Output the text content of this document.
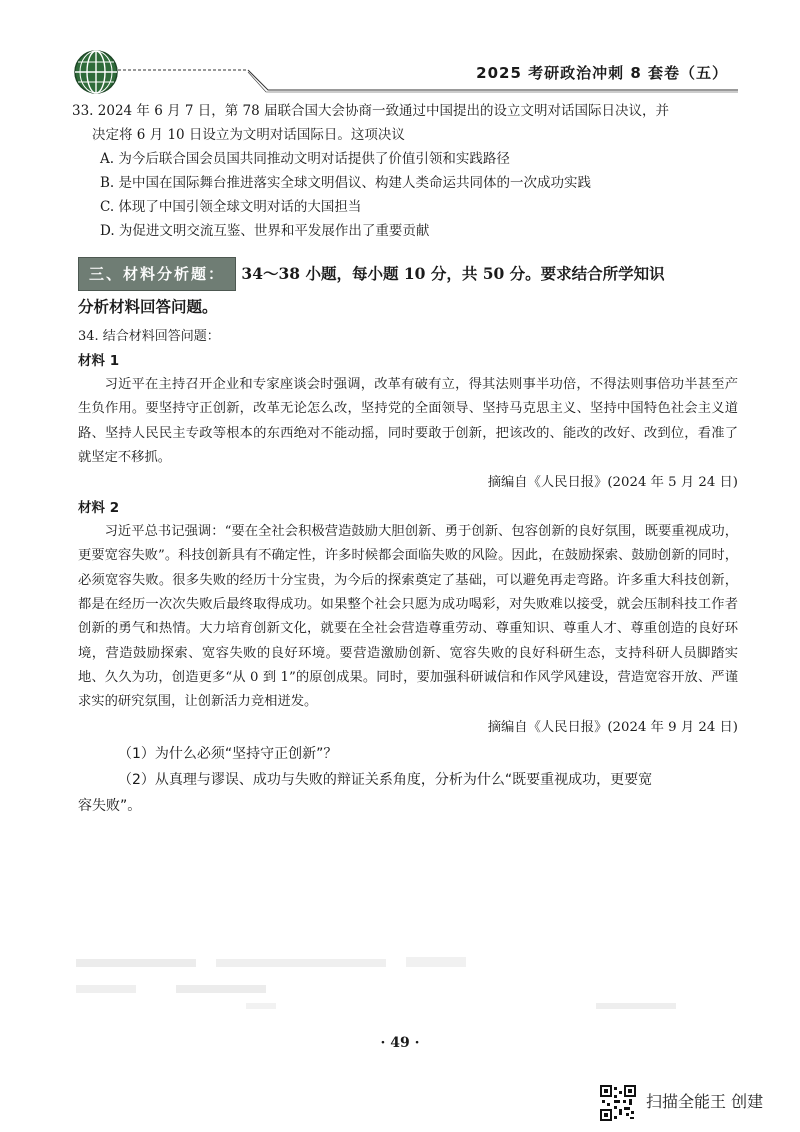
2025 考研政治冲刺 8 套卷（五）

33. 2024 年 6 月 7 日，第 78 届联合国大会协商一致通过中国提出的设立文明对话国际日决议，并

决定将 6 月 10 日设立为文明对话国际日。这项决议

A. 为今后联合国会员国共同推动文明对话提供了价值引领和实践路径

B. 是中国在国际舞台推进落实全球文明倡议、构建人类命运共同体的一次成功实践

C. 体现了中国引领全球文明对话的大国担当

D. 为促进文明交流互鉴、世界和平发展作出了重要贡献

三、材料分析题： 34～38 小题，每小题 10 分，共 50 分。要求结合所学知识
分析材料回答问题。

34. 结合材料回答问题：

材料 1

习近平在主持召开企业和专家座谈会时强调，改革有破有立，得其法则事半功倍，不得法则事倍功半甚至产生负作用。要坚持守正创新，改革无论怎么改，坚持党的全面领导、坚持马克思主义、坚持中国特色社会主义道路、坚持人民民主专政等根本的东西绝对不能动摇，同时要敢于创新，把该改的、能改的改好、改到位，看准了就坚定不移抓。

摘编自《人民日报》(2024 年 5 月 24 日)

材料 2

习近平总书记强调：“要在全社会积极营造鼓励大胆创新、勇于创新、包容创新的良好氛围，既要重视成功，更要宽容失败”。科技创新具有不确定性，许多时候都会面临失败的风险。因此，在鼓励探索、鼓励创新的同时，必须宽容失败。很多失败的经历十分宝贵，为今后的探索奠定了基础，可以避免再走弯路。许多重大科技创新，都是在经历一次次失败后最终取得成功。如果整个社会只愿为成功喝彩，对失败难以接受，就会压制科技工作者创新的勇气和热情。大力培育创新文化，就要在全社会营造尊重劳动、尊重知识、尊重人才、尊重创造的良好环境，营造鼓励探索、宽容失败的良好环境。要营造激励创新、宽容失败的良好科研生态，支持科研人员脚踏实地、久久为功，创造更多“从 0 到 1”的原创成果。同时，要加强科研诚信和作风学风建设，营造宽容开放、严谨求实的研究氛围，让创新活力竞相迸发。

摘编自《人民日报》(2024 年 9 月 24 日)

（1）为什么必须“坚持守正创新”？

（2）从真理与谬误、成功与失败的辩证关系角度，分析为什么“既要重视成功，更要宽

容失败”。

· 49 ·
扫描全能王 创建
